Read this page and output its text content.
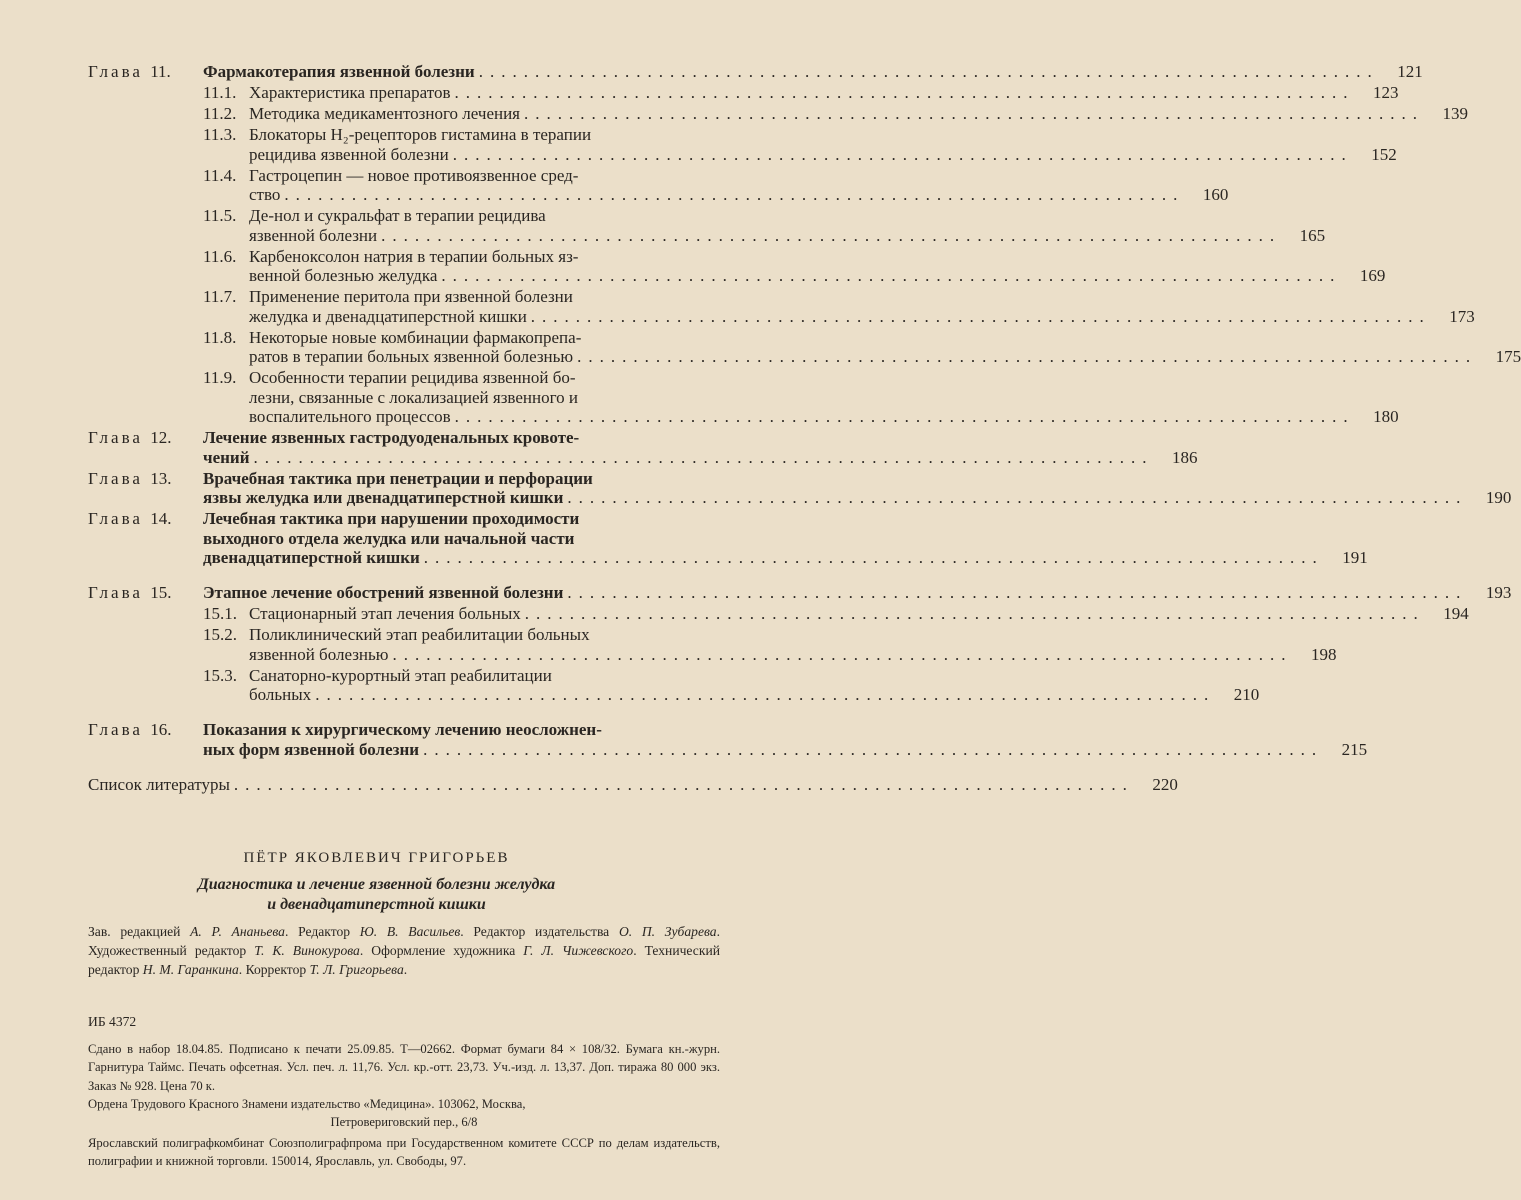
Глава 11. Фармакотерапия язвенной болезни ................................................................................	121
11.1. Характеристика препаратов ................................................................................	123
11.2. Методика медикаментозного лечения ................................................................................	139
11.3. Блокаторы H₂-рецепторов гистамина в терапии
рецидива язвенной болезни ................................................................................	152
11.4. Гастроцепин — новое противоязвенное сред-
ство ................................................................................	160
11.5. Де-нол и сукральфат в терапии рецидива
язвенной болезни ................................................................................	165
11.6. Карбеноксолон натрия в терапии больных яз-
венной болезнью желудка ................................................................................	169
11.7. Применение перитола при язвенной болезни
желудка и двенадцатиперстной кишки ................................................................................	173
11.8. Некоторые новые комбинации фармакопрепа-
ратов в терапии больных язвенной болезнью ................................................................................	175
11.9. Особенности терапии рецидива язвенной бо-
лезни, связанные с локализацией язвенного и
воспалительного процессов ................................................................................	180
Глава 12. Лечение язвенных гастродуоденальных кровоте-
чений ................................................................................	186
Глава 13. Врачебная тактика при пенетрации и перфорации
язвы желудка или двенадцатиперстной кишки ................................................................................	190
Глава 14. Лечебная тактика при нарушении проходимости
выходного отдела желудка или начальной части
двенадцатиперстной кишки ................................................................................	191
Глава 15. Этапное лечение обострений язвенной болезни ................................................................................	193
15.1. Стационарный этап лечения больных ................................................................................	194
15.2. Поликлинический этап реабилитации больных
язвенной болезнью ................................................................................	198
15.3. Санаторно-курортный этап реабилитации
больных ................................................................................	210
Глава 16. Показания к хирургическому лечению неосложнен-
ных форм язвенной болезни ................................................................................	215
Список литературы ................................................................................	220
ПЁТР ЯКОВЛЕВИЧ ГРИГОРЬЕВ
Диагностика и лечение язвенной болезни желудка
и двенадцатиперстной кишки
Зав. редакцией А. Р. Ананьева. Редактор Ю. В. Васильев. Редактор издательства О. П. Зубарева. Художественный редактор Т. К. Винокурова. Оформление художника Г. Л. Чижевского. Технический редактор Н. М. Гаранкина. Корректор Т. Л. Григорьева.
ИБ 4372
Сдано в набор 18.04.85. Подписано к печати 25.09.85. Т—02662. Формат бумаги 84 × 108/32. Бумага кн.-журн. Гарнитура Таймс. Печать офсетная. Усл. печ. л. 11,76. Усл. кр.-отт. 23,73. Уч.-изд. л. 13,37. Доп. тиража 80 000 экз. Заказ № 928. Цена 70 к.
Ордена Трудового Красного Знамени издательство «Медицина». 103062, Москва,
Петровериговский пер., 6/8
Ярославский полиграфкомбинат Союзполиграфпрома при Государственном комитете СССР по делам издательств, полиграфии и книжной торговли. 150014, Ярославль, ул. Свободы, 97.
